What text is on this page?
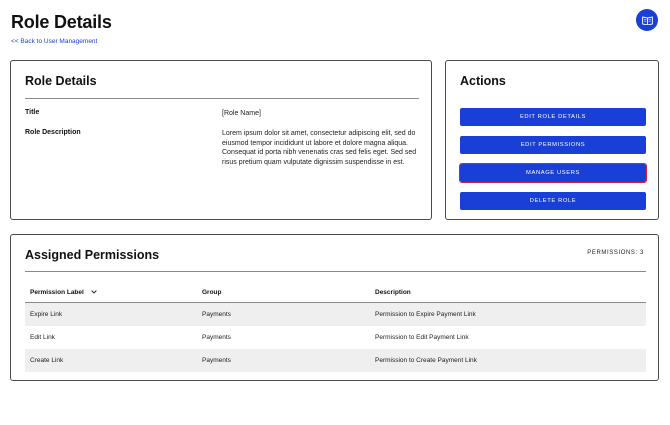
Role Details
<< Back to User Management
Role Details
Title	[Role Name]
Role Description	Lorem ipsum dolor sit amet, consectetur adipiscing elit, sed do eiusmod tempor incididunt ut labore et dolore magna aliqua. Consequat id porta nibh venenatis cras sed felis eget. Sed sed risus pretium quam vulputate dignissim suspendisse in est.
Actions
EDIT ROLE DETAILS
EDIT PERMISSIONS
MANAGE USERS
DELETE ROLE
Assigned Permissions	PERMISSIONS: 3
Permission Label	Group	Description
Expire Link	Payments	Permission to Expire Payment Link
Edit Link	Payments	Permission to Edit Payment Link
Create Link	Payments	Permission to Create Payment Link
